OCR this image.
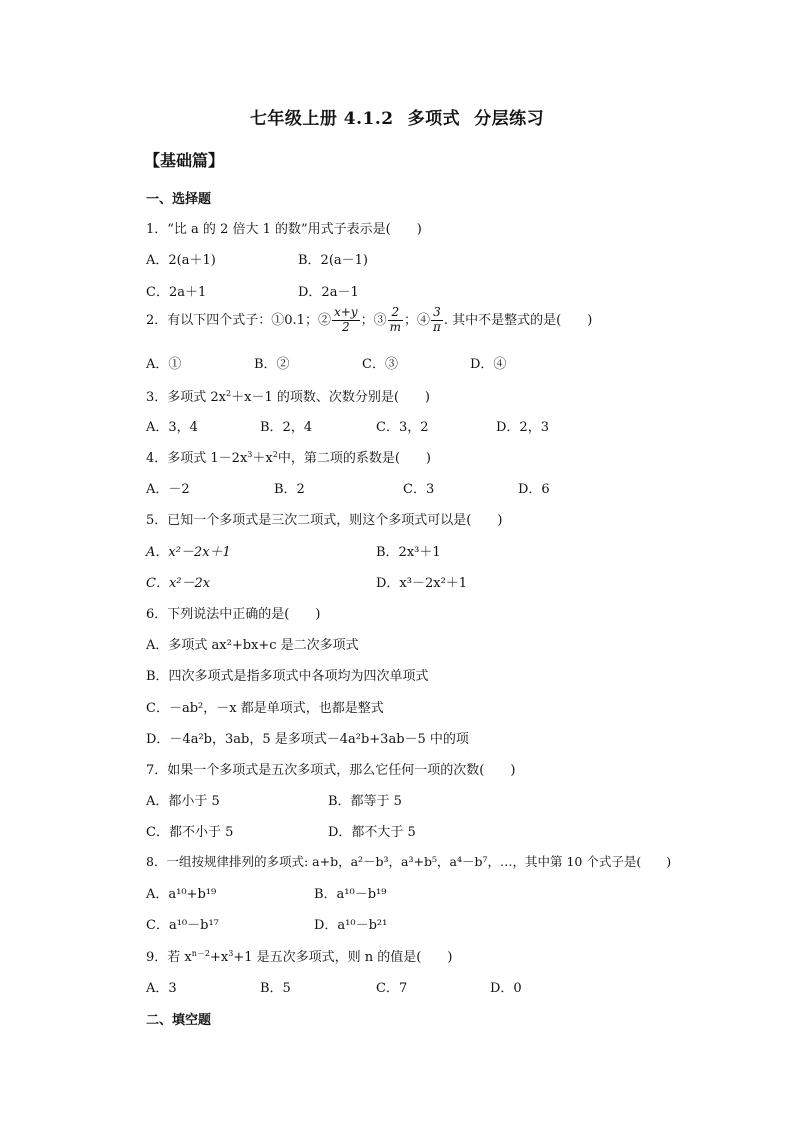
七年级上册 4.1.2 多项式 分层练习
【基础篇】
一、选择题
1．“比 a 的 2 倍大 1 的数”用式子表示是(　　)
A．2(a＋1)	B．2(a－1)
C．2a＋1	D．2a－1
2．有以下四个式子：①0.1；② $\frac{x+y}{2}$ ；③ $\frac{2}{m}$ ；④ $\frac{3}{\pi}$ . 其中不是整式的是(　　)
A．①	B．②	C．③	D．④
3．多项式 $2x^2+x-1$ 的项数、次数分别是(　　)
A．3，4	B．2，4	C．3，2	D．2，3
4．多项式 $1-2x^3+x^2$中，第二项的系数是(　　)
A．－2	B．2	C．3	D．6
5．已知一个多项式是三次二项式，则这个多项式可以是(　　)
A．x²－2x＋1	B．2x³＋1
C．x²－2x	D．x³－2x²＋1
6．下列说法中正确的是(　　)
A．多项式 ax²+bx+c 是二次多项式
B．四次多项式是指多项式中各项均为四次单项式
C．－ab²，－x 都是单项式，也都是整式
D．－4a²b，3ab，5 是多项式－4a²b+3ab－5 中的项
7．如果一个多项式是五次多项式，那么它任何一项的次数(　　)
A．都小于 5	B．都等于 5
C．都不小于 5	D．都不大于 5
8．一组按规律排列的多项式: a+b，a²－b³，a³+b⁵，a⁴－b⁷，…，其中第 10 个式子是(　　)
A．a¹⁰+b¹⁹	B．a¹⁰－b¹⁹
C．a¹⁰－b¹⁷	D．a¹⁰－b²¹
9．若 $x^{n-2}+x^3+1$ 是五次多项式，则 n 的值是(　　)
A．3	B．5	C．7	D．0
二、填空题
